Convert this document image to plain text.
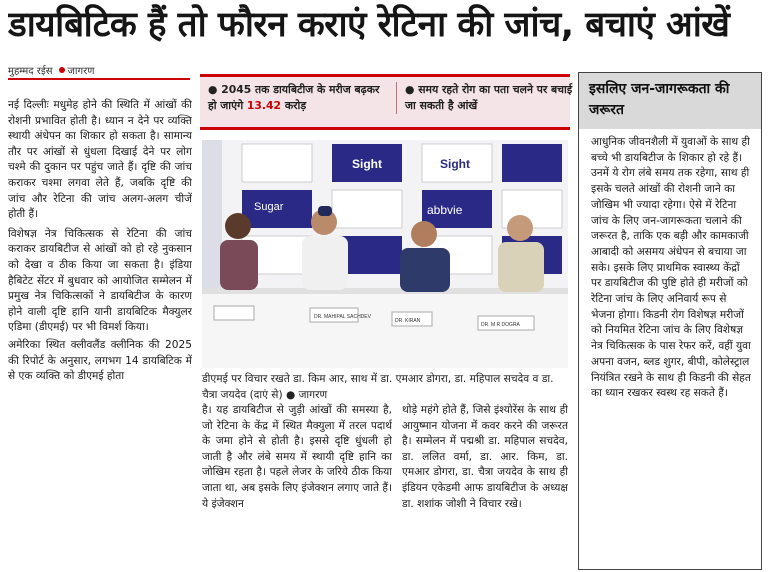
डायबिटिक हैं तो फौरन कराएं रेटिना की जांच, बचाएं आंखें
मुहम्मद रईस जागरण

नई दिल्लीः मधुमेह होने की स्थिति में आंखों की रोशनी प्रभावित होती है। ध्यान न देने पर व्यक्ति स्थायी अंधेपन का शिकार हो सकता है। सामान्य तौर पर आंखों से धुंधला दिखाई देने पर लोग चश्मे की दुकान पर पहुंच जाते हैं। दृष्टि की जांच कराकर चश्मा लगवा लेते हैं, जबकि दृष्टि की जांच और रेटिना की जांच अलग-अलग चीजें होती हैं।

विशेषज्ञ नेत्र चिकित्सक से रेटिना की जांच कराकर डायबिटीज से आंखों को हो रहे नुकसान को देखा व ठीक किया जा सकता है। इंडिया हैबिटेट सेंटर में बुधवार को आयोजित सम्मेलन में प्रमुख नेत्र चिकित्सकों ने डायबिटीज के कारण होने वाली दृष्टि हानि यानी डायबिटिक मैक्युलर एडिमा (डीएमई) पर भी विमर्श किया।

अमेरिका स्थित क्लीवलैंड क्लीनिक की 2025 की रिपोर्ट के अनुसार, लगभग 14 डायबिटिक में से एक व्यक्ति को डीएमई होता

● 2045 तक डायबिटीज के मरीज बढ़कर हो जाएंगे 13.42 करोड़
● समय रहते रोग का पता चलने पर बचाई जा सकती है आंखें
Sight
Sugar
Sight
abbvie
DR. MAHIPAL SACHDEV
DR. KIRAN
DR. M R DOGRA
डीएमई पर विचार रखते डा. किम आर, साथ में डा. एमआर डोगरा, डा. महिपाल सचदेव व डा. चैत्रा जयदेव (दाएं से) ● जागरण
है। यह डायबिटीज से जुड़ी आंखों की समस्या है, जो रेटिना के केंद्र में स्थित मैक्युला में तरल पदार्थ के जमा होने से होती है। इससे दृष्टि धुंधली हो जाती है और लंबे समय में स्थायी दृष्टि हानि का जोखिम रहता है। पहले लेजर के जरिये ठीक किया जाता था, अब इसके लिए इंजेक्शन लगाए जाते हैं। ये इंजेक्शन
थोड़े महंगे होते हैं, जिसे इंश्योरेंस के साथ ही आयुष्मान योजना में कवर करने की जरूरत है। सम्मेलन में पद्मश्री डा. महिपाल सचदेव, डा. ललित वर्मा, डा. आर. किम, डा. एमआर डोगरा, डा. चैत्रा जयदेव के साथ ही इंडियन एकेडमी आफ डायबिटीज के अध्यक्ष डा. शशांक जोशी ने विचार रखे।
इसलिए जन-जागरूकता की जरूरत
आधुनिक जीवनशैली में युवाओं के साथ ही बच्चे भी डायबिटीज के शिकार हो रहे हैं। उनमें ये रोग लंबे समय तक रहेगा, साथ ही इसके चलते आंखों की रोशनी जाने का जोखिम भी ज्यादा रहेगा। ऐसे में रेटिना जांच के लिए जन-जागरूकता चलाने की जरूरत है, ताकि एक बड़ी और कामकाजी आबादी को असमय अंधेपन से बचाया जा सके। इसके लिए प्राथमिक स्वास्थ्य केंद्रों पर डायबिटीज की पुष्टि होते ही मरीजों को रेटिना जांच के लिए अनिवार्य रूप से भेजना होगा। किडनी रोग विशेषज्ञ मरीजों को नियमित रेटिना जांच के लिए विशेषज्ञ नेत्र चिकित्सक के पास रेफर करें, वहीं युवा अपना वजन, ब्लड शुगर, बीपी, कोलेस्ट्राल नियंत्रित रखने के साथ ही किडनी की सेहत का ध्यान रखकर स्वस्थ रह सकते हैं।
